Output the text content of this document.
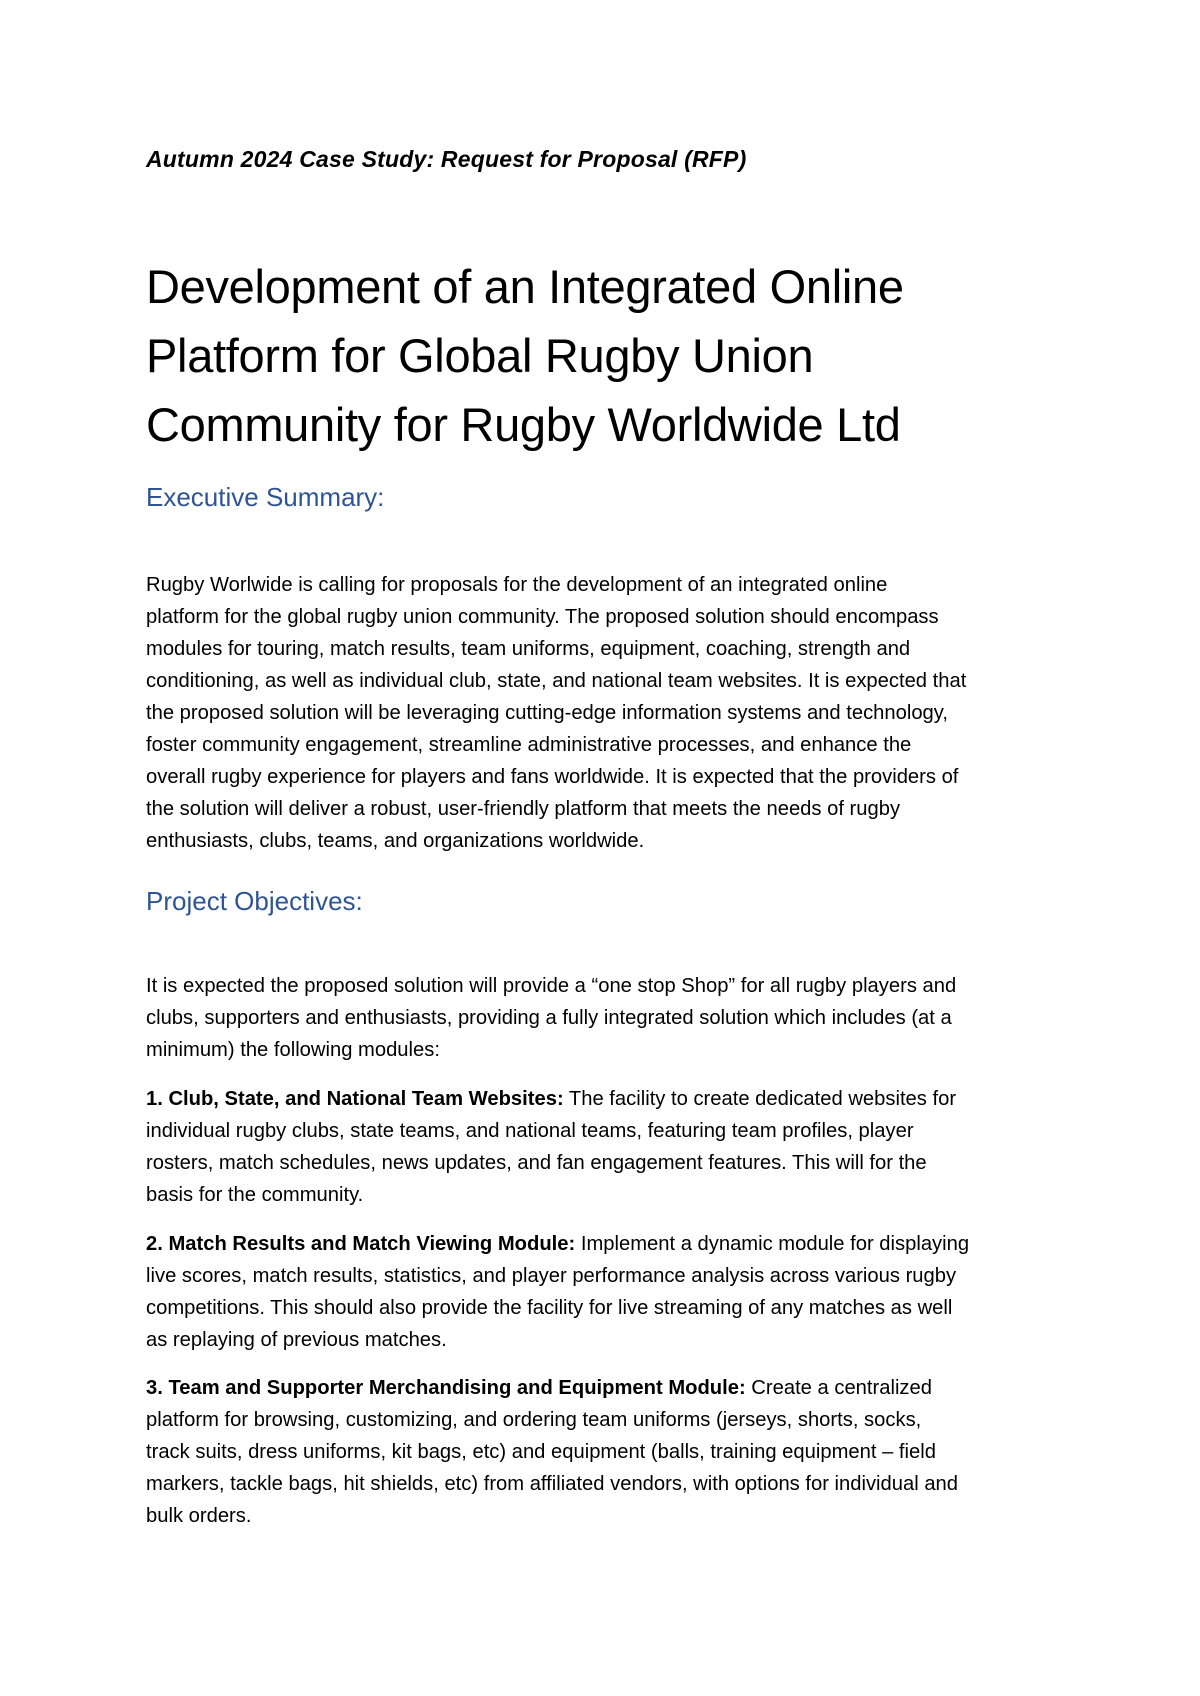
Autumn 2024 Case Study: Request for Proposal (RFP)
Development of an Integrated Online
Platform for Global Rugby Union
Community for Rugby Worldwide Ltd
Executive Summary:
Rugby Worlwide is calling for proposals for the development of an integrated online
platform for the global rugby union community. The proposed solution should encompass
modules for touring, match results, team uniforms, equipment, coaching, strength and
conditioning, as well as individual club, state, and national team websites. It is expected that
the proposed solution will be leveraging cutting-edge information systems and technology,
foster community engagement, streamline administrative processes, and enhance the
overall rugby experience for players and fans worldwide. It is expected that the providers of
the solution will deliver a robust, user-friendly platform that meets the needs of rugby
enthusiasts, clubs, teams, and organizations worldwide.
Project Objectives:
It is expected the proposed solution will provide a “one stop Shop” for all rugby players and
clubs, supporters and enthusiasts, providing a fully integrated solution which includes (at a
minimum) the following modules:
1. Club, State, and National Team Websites: The facility to create dedicated websites for
individual rugby clubs, state teams, and national teams, featuring team profiles, player
rosters, match schedules, news updates, and fan engagement features. This will for the
basis for the community.
2. Match Results and Match Viewing Module: Implement a dynamic module for displaying
live scores, match results, statistics, and player performance analysis across various rugby
competitions. This should also provide the facility for live streaming of any matches as well
as replaying of previous matches.
3. Team and Supporter Merchandising and Equipment Module: Create a centralized
platform for browsing, customizing, and ordering team uniforms (jerseys, shorts, socks,
track suits, dress uniforms, kit bags, etc) and equipment (balls, training equipment – field
markers, tackle bags, hit shields, etc) from affiliated vendors, with options for individual and
bulk orders.
